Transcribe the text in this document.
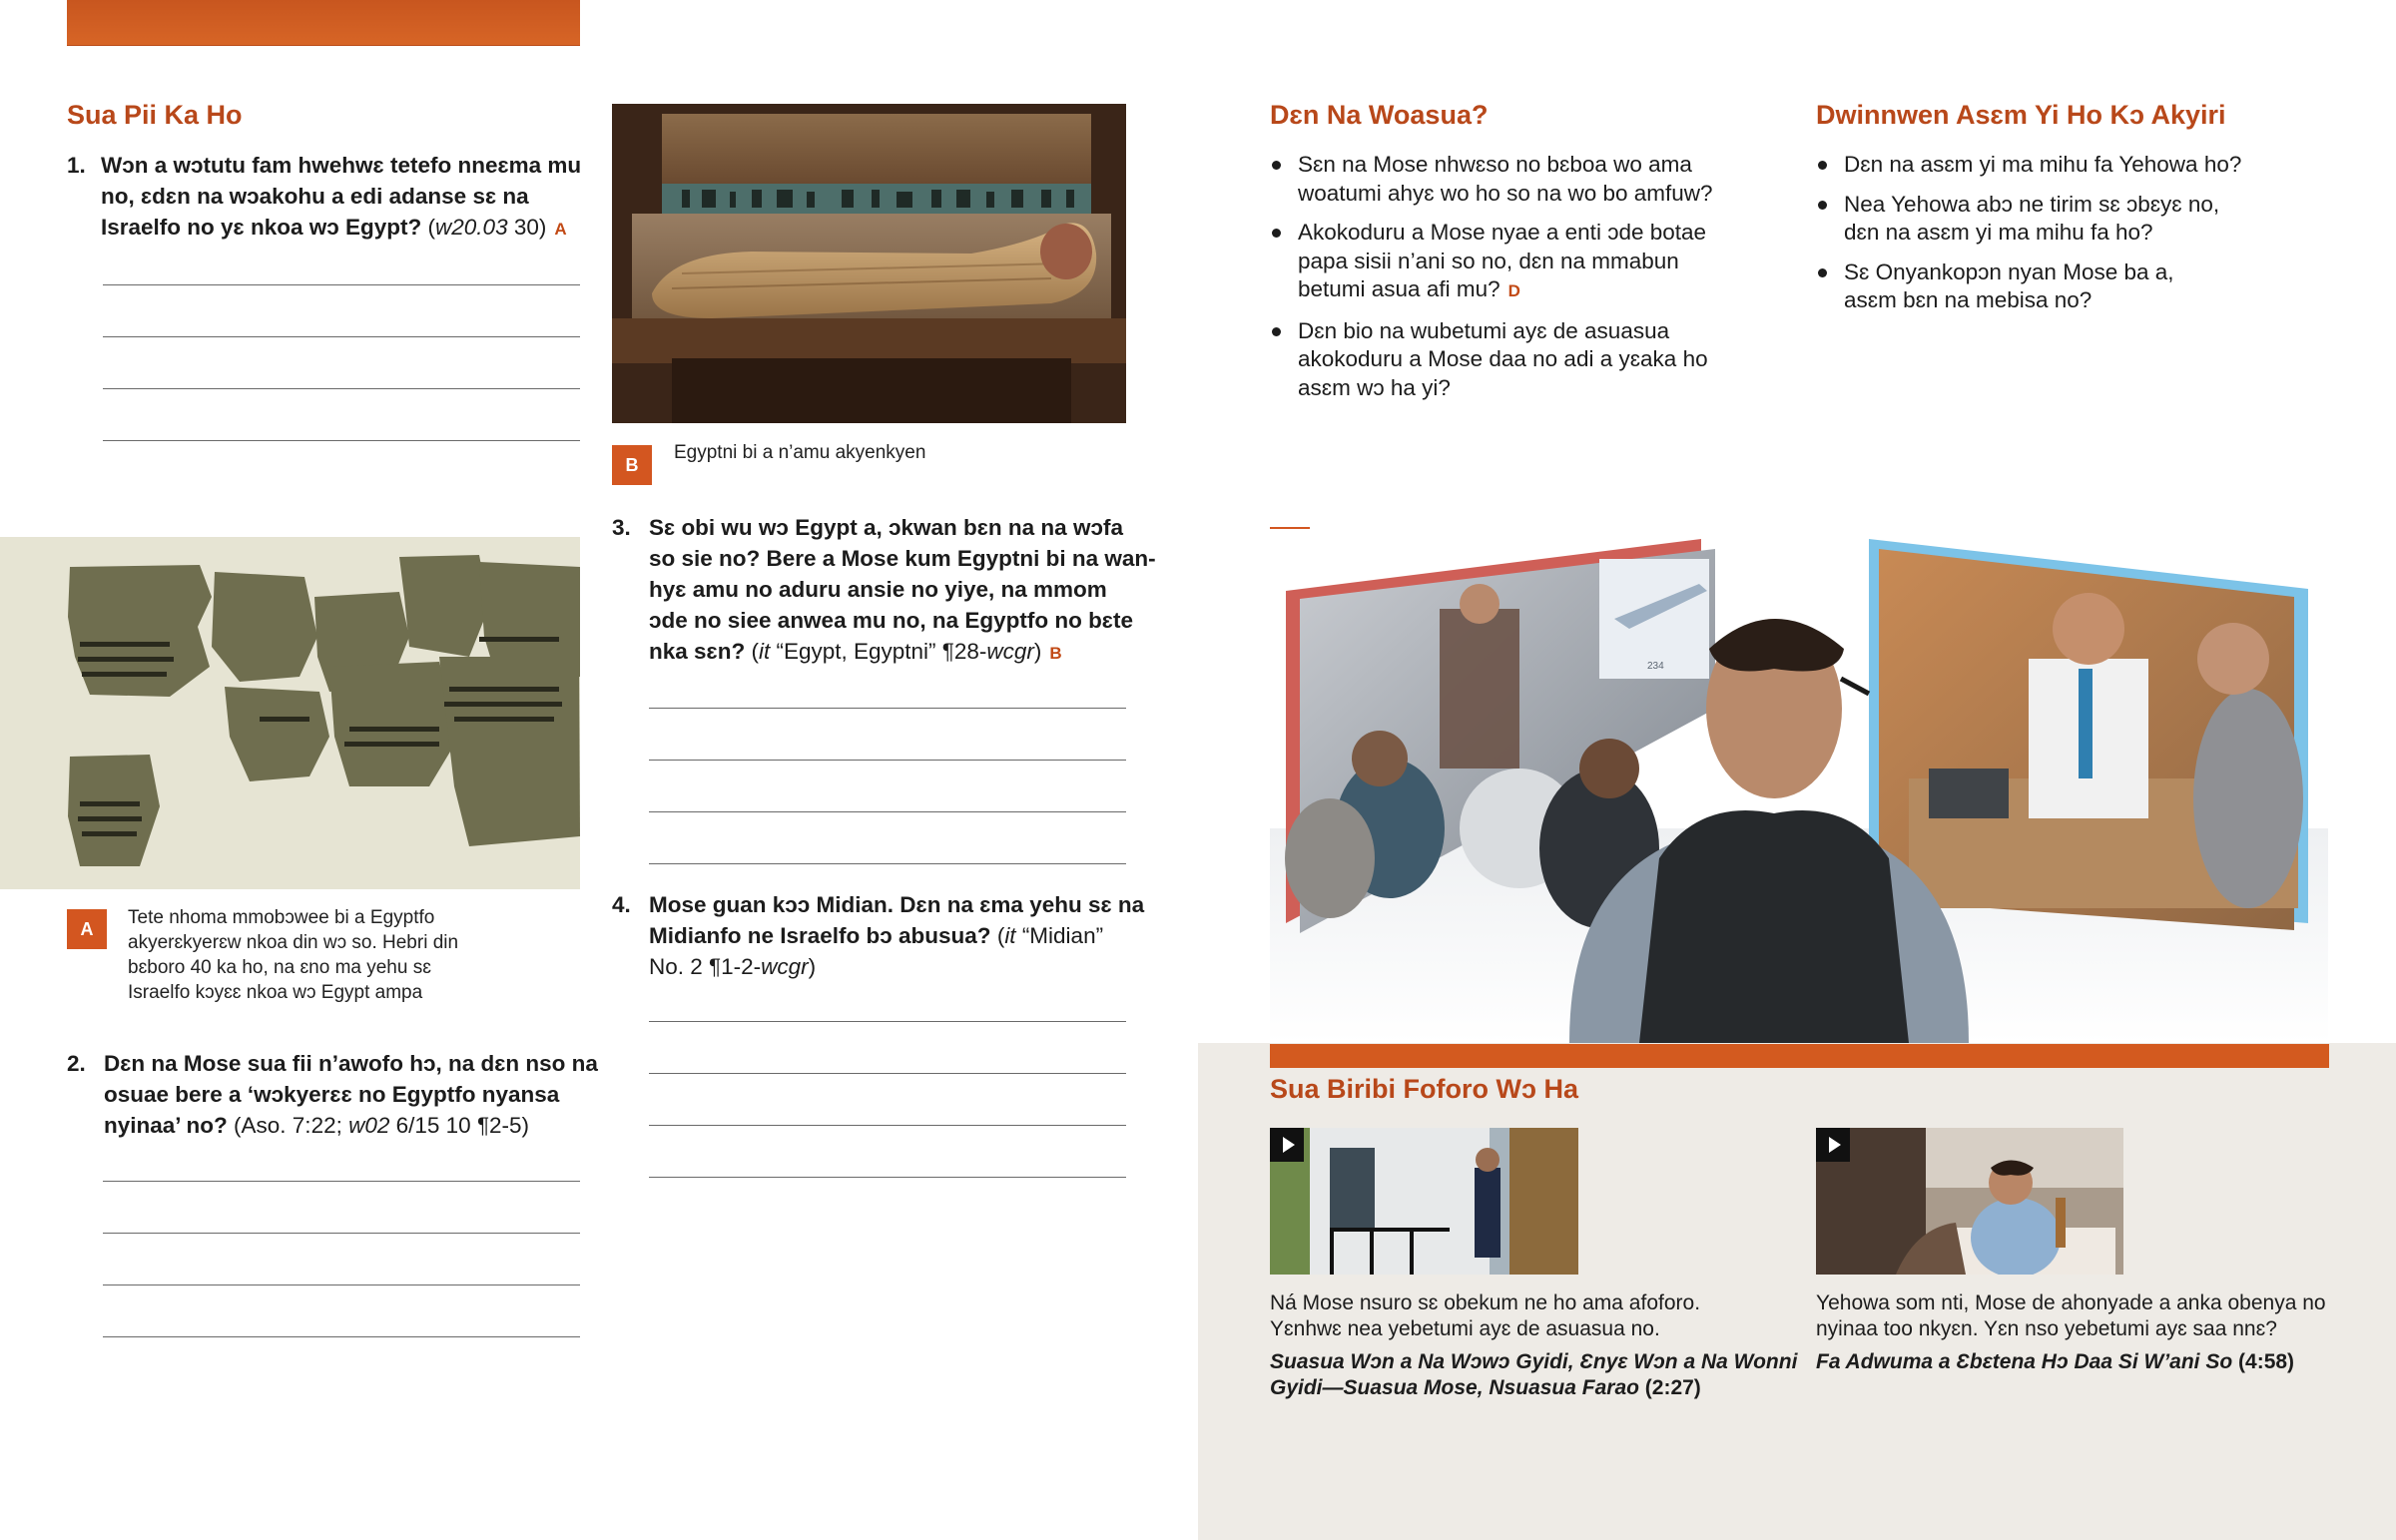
Sua Pii Ka Ho
1. Wɔn a wɔtutu fam hwehwɛ tetefo nneɛma mu
no, ɛdɛn na wɔakohu a edi adanse sɛ na
Israelfo no yɛ nkoa wɔ Egypt? (w20.03 30) A
B
Egyptni bi a n’amu akyenkyen
A
Tete nhoma mmobɔwee bi a Egyptfo
akyerɛkyerɛw nkoa din wɔ so. Hebri din
bɛboro 40 ka ho, na ɛno ma yehu sɛ
Israelfo kɔyɛɛ nkoa wɔ Egypt ampa
2. Dɛn na Mose sua fii n’awofo hɔ, na dɛn nso na
osuae bere a ‘wɔkyerɛɛ no Egyptfo nyansa
nyinaa’ no? (Aso. 7:22; w02 6/15 10 ¶2-5)
3. Sɛ obi wu wɔ Egypt a, ɔkwan bɛn na na wɔfa
so sie no? Bere a Mose kum Egyptni bi na wan-
hyɛ amu no aduru ansie no yiye, na mmom
ɔde no siee anwea mu no, na Egyptfo no bɛte
nka sɛn? (it “Egypt, Egyptni” ¶28-wcgr) B
4. Mose guan kɔɔ Midian. Dɛn na ɛma yehu sɛ na
Midianfo ne Israelfo bɔ abusua? (it “Midian”
No. 2 ¶1-2-wcgr)
Dɛn Na Woasua?
Sɛn na Mose nhwɛso no bɛboa wo ama
woatumi ahyɛ wo ho so na wo bo amfuw?
Akokoduru a Mose nyae a enti ɔde botae
papa sisii n’ani so no, dɛn na mmabun
betumi asua afi mu? D
Dɛn bio na wubetumi ayɛ de asuasua
akokoduru a Mose daa no adi a yɛaka ho
asɛm wɔ ha yi?
Dwinnwen Asɛm Yi Ho Kɔ Akyiri
Dɛn na asɛm yi ma mihu fa Yehowa ho?
Nea Yehowa abɔ ne tirim sɛ ɔbɛyɛ no,
dɛn na asɛm yi ma mihu fa ho?
Sɛ Onyankopɔn nyan Mose ba a,
asɛm bɛn na mebisa no?
234
Sua Biribi Foforo Wɔ Ha
Ná Mose nsuro sɛ obekum ne ho ama afoforo.
Yɛnhwɛ nea yebetumi ayɛ de asuasua no.
Suasua Wɔn a Na Wɔwɔ Gyidi, Ɛnyɛ Wɔn a Na Wonni
Gyidi—Suasua Mose, Nsuasua Farao (2:27)
Yehowa som nti, Mose de ahonyade a anka obenya no
nyinaa too nkyɛn. Yɛn nso yebetumi ayɛ saa nnɛ?
Fa Adwuma a Ɛbɛtena Hɔ Daa Si W’ani So (4:58)
